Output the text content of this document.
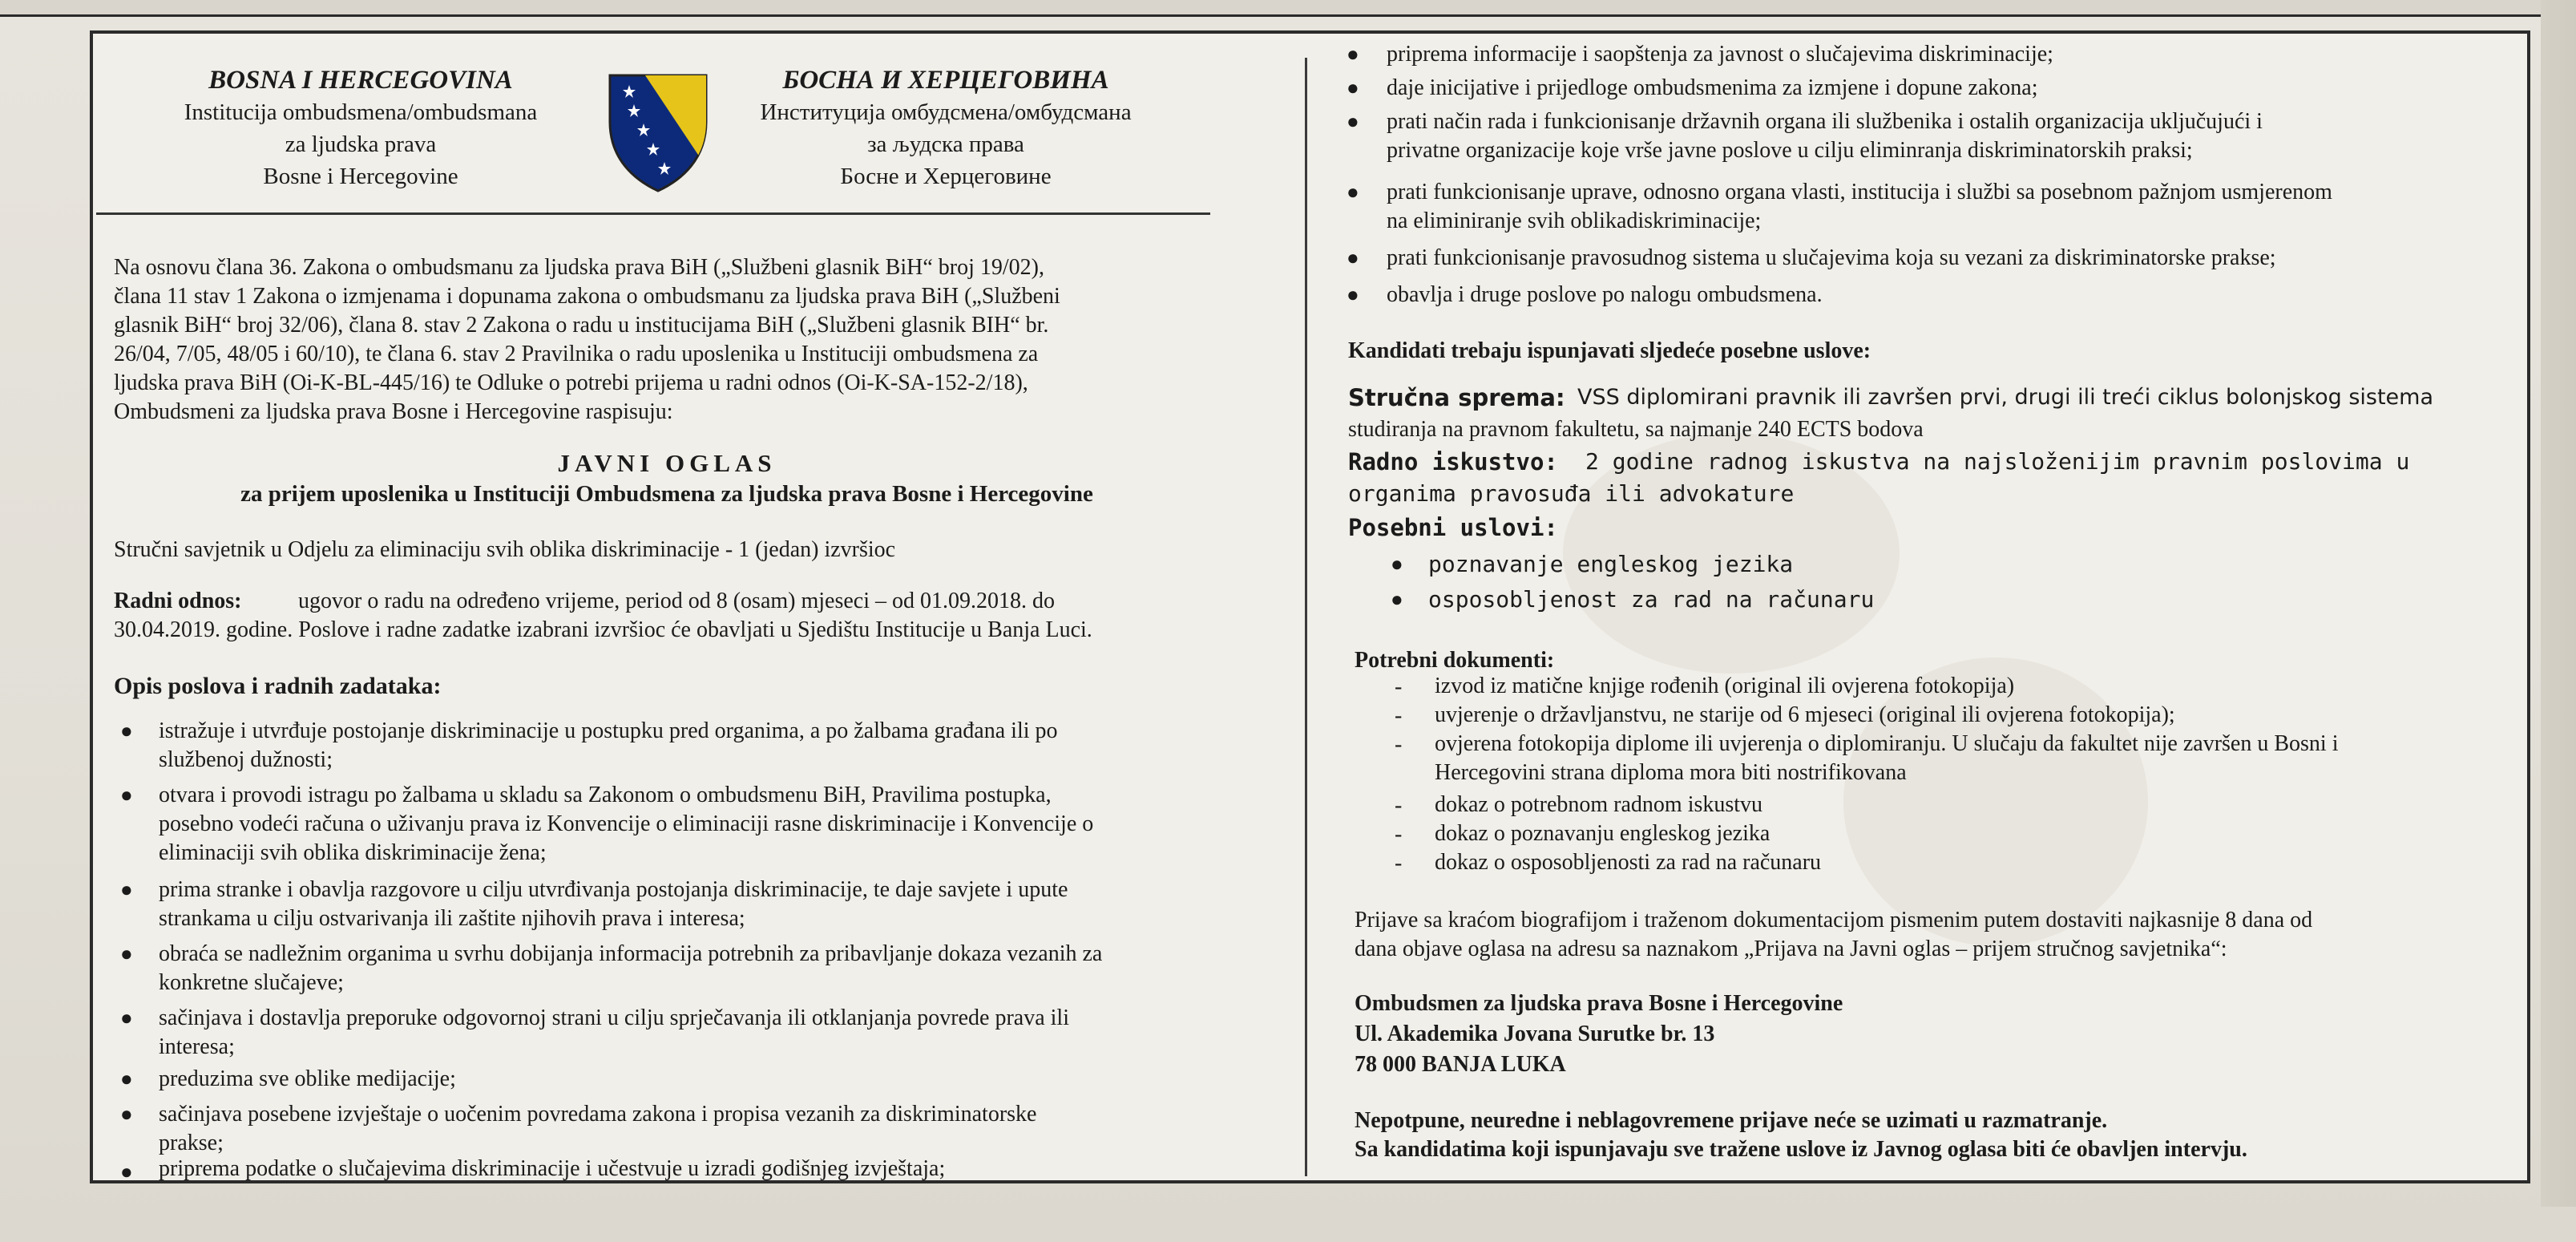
BOSNA I HERCEGOVINA
Institucija ombudsmena/ombudsmana
za ljudska prava
Bosne i Hercegovine
БОСНА И ХЕРЦЕГОВИНА
Институција омбудсмена/омбудсмана
за људска права
Босне и Херцеговине
Na osnovu člana 36. Zakona o ombudsmanu za ljudska prava BiH („Službeni glasnik BiH“ broj 19/02),
člana 11 stav 1 Zakona o izmjenama i dopunama zakona o ombudsmanu za ljudska prava BiH („Službeni
glasnik BiH“ broj 32/06), člana 8. stav 2 Zakona o radu u institucijama BiH („Službeni glasnik BIH“ br.
26/04, 7/05, 48/05 i 60/10), te člana 6. stav 2 Pravilnika o radu uposlenika u Instituciji ombudsmena za
ljudska prava BiH (Oi-K-BL-445/16) te Odluke o potrebi prijema u radni odnos (Oi-K-SA-152-2/18),
Ombudsmeni za ljudska prava Bosne i Hercegovine raspisuju:
JAVNI OGLAS
za prijem uposlenika u Instituciji Ombudsmena za ljudska prava Bosne i Hercegovine
Stručni savjetnik u Odjelu za eliminaciju svih oblika diskriminacije - 1 (jedan) izvršioc
Radni odnos:	ugovor o radu na određeno vrijeme, period od 8 (osam) mjeseci – od 01.09.2018. do
30.04.2019. godine. Poslove i radne zadatke izabrani izvršioc će obavljati u Sjedištu Institucije u Banja Luci.
Opis poslova i radnih zadataka:
● istražuje i utvrđuje postojanje diskriminacije u postupku pred organima, a po žalbama građana ili po
službenoj dužnosti;
● otvara i provodi istragu po žalbama u skladu sa Zakonom o ombudsmenu BiH, Pravilima postupka,
posebno vodeći računa o uživanju prava iz Konvencije o eliminaciji rasne diskriminacije i Konvencije o
eliminaciji svih oblika diskriminacije žena;
● prima stranke i obavlja razgovore u cilju utvrđivanja postojanja diskriminacije, te daje savjete i upute
strankama u cilju ostvarivanja ili zaštite njihovih prava i interesa;
● obraća se nadležnim organima u svrhu dobijanja informacija potrebnih za pribavljanje dokaza vezanih za
konkretne slučajeve;
● sačinjava i dostavlja preporuke odgovornoj strani u cilju sprječavanja ili otklanjanja povrede prava ili
interesa;
● preduzima sve oblike medijacije;
● sačinjava posebene izvještaje o uočenim povredama zakona i propisa vezanih za diskriminatorske
prakse;
● priprema podatke o slučajevima diskriminacije i učestvuje u izradi godišnjeg izvještaja;
● priprema informacije i saopštenja za javnost o slučajevima diskriminacije;
● daje inicijative i prijedloge ombudsmenima za izmjene i dopune zakona;
● prati način rada i funkcionisanje državnih organa ili službenika i ostalih organizacija uključujući i
privatne organizacije koje vrše javne poslove u cilju eliminranja diskriminatorskih praksi;
● prati funkcionisanje uprave, odnosno organa vlasti, institucija i službi sa posebnom pažnjom usmjerenom
na eliminiranje svih oblikadiskriminacije;
● prati funkcionisanje pravosudnog sistema u slučajevima koja su vezani za diskriminatorske prakse;
● obavlja i druge poslove po nalogu ombudsmena.
Kandidati trebaju ispunjavati sljedeće posebne uslove:
Stručna sprema: VSS diplomirani pravnik ili završen prvi, drugi ili treći ciklus bolonjskog sistema
studiranja na pravnom fakultetu, sa najmanje 240 ECTS bodova
Radno iskustvo: 2 godine radnog iskustva na najsloženijim pravnim poslovima u
organima pravosuđa ili advokature
Posebni uslovi:
● poznavanje engleskog jezika
● osposobljenost za rad na računaru
Potrebni dokumenti:
- izvod iz matične knjige rođenih (original ili ovjerena fotokopija)
- uvjerenje o državljanstvu, ne starije od 6 mjeseci (original ili ovjerena fotokopija);
- ovjerena fotokopija diplome ili uvjerenja o diplomiranju. U slučaju da fakultet nije završen u Bosni i
Hercegovini strana diploma mora biti nostrifikovana
- dokaz o potrebnom radnom iskustvu
- dokaz o poznavanju engleskog jezika
- dokaz o osposobljenosti za rad na računaru
Prijave sa kraćom biografijom i traženom dokumentacijom pismenim putem dostaviti najkasnije 8 dana od
dana objave oglasa na adresu sa naznakom „Prijava na Javni oglas – prijem stručnog savjetnika“:
Ombudsmen za ljudska prava Bosne i Hercegovine
Ul. Akademika Jovana Surutke br. 13
78 000 BANJA LUKA
Nepotpune, neuredne i neblagovremene prijave neće se uzimati u razmatranje.
Sa kandidatima koji ispunjavaju sve tražene uslove iz Javnog oglasa biti će obavljen intervju.
